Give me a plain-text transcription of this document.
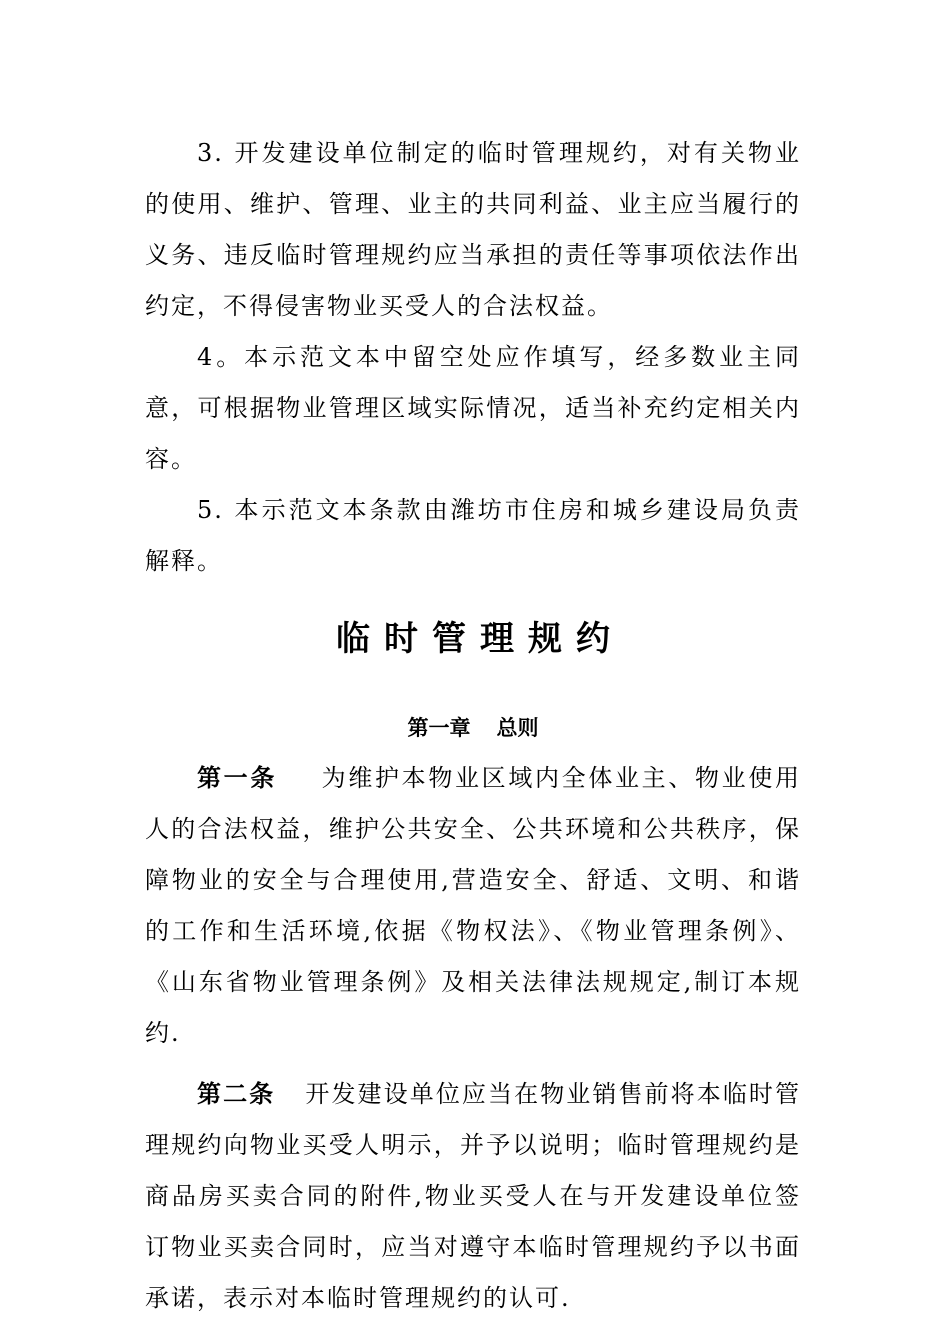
3. 开发建设单位制定的临时管理规约，对有关物业的使用、维护、管理、业主的共同利益、业主应当履行的义务、违反临时管理规约应当承担的责任等事项依法作出约定，不得侵害物业买受人的合法权益。

4。本示范文本中留空处应作填写，经多数业主同意，可根据物业管理区域实际情况，适当补充约定相关内容。

5. 本示范文本条款由潍坊市住房和城乡建设局负责解释。

临时管理规约
第一章 总则

第一条 为维护本物业区域内全体业主、物业使用人的合法权益，维护公共安全、公共环境和公共秩序，保障物业的安全与合理使用,营造安全、舒适、文明、和谐的工作和生活环境,依据《物权法》、《物业管理条例》、《山东省物业管理条例》及相关法律法规规定,制订本规约.

第二条 开发建设单位应当在物业销售前将本临时管理规约向物业买受人明示，并予以说明；临时管理规约是商品房买卖合同的附件,物业买受人在与开发建设单位签订物业买卖合同时，应当对遵守本临时管理规约予以书面承诺，表示对本临时管理规约的认可.
